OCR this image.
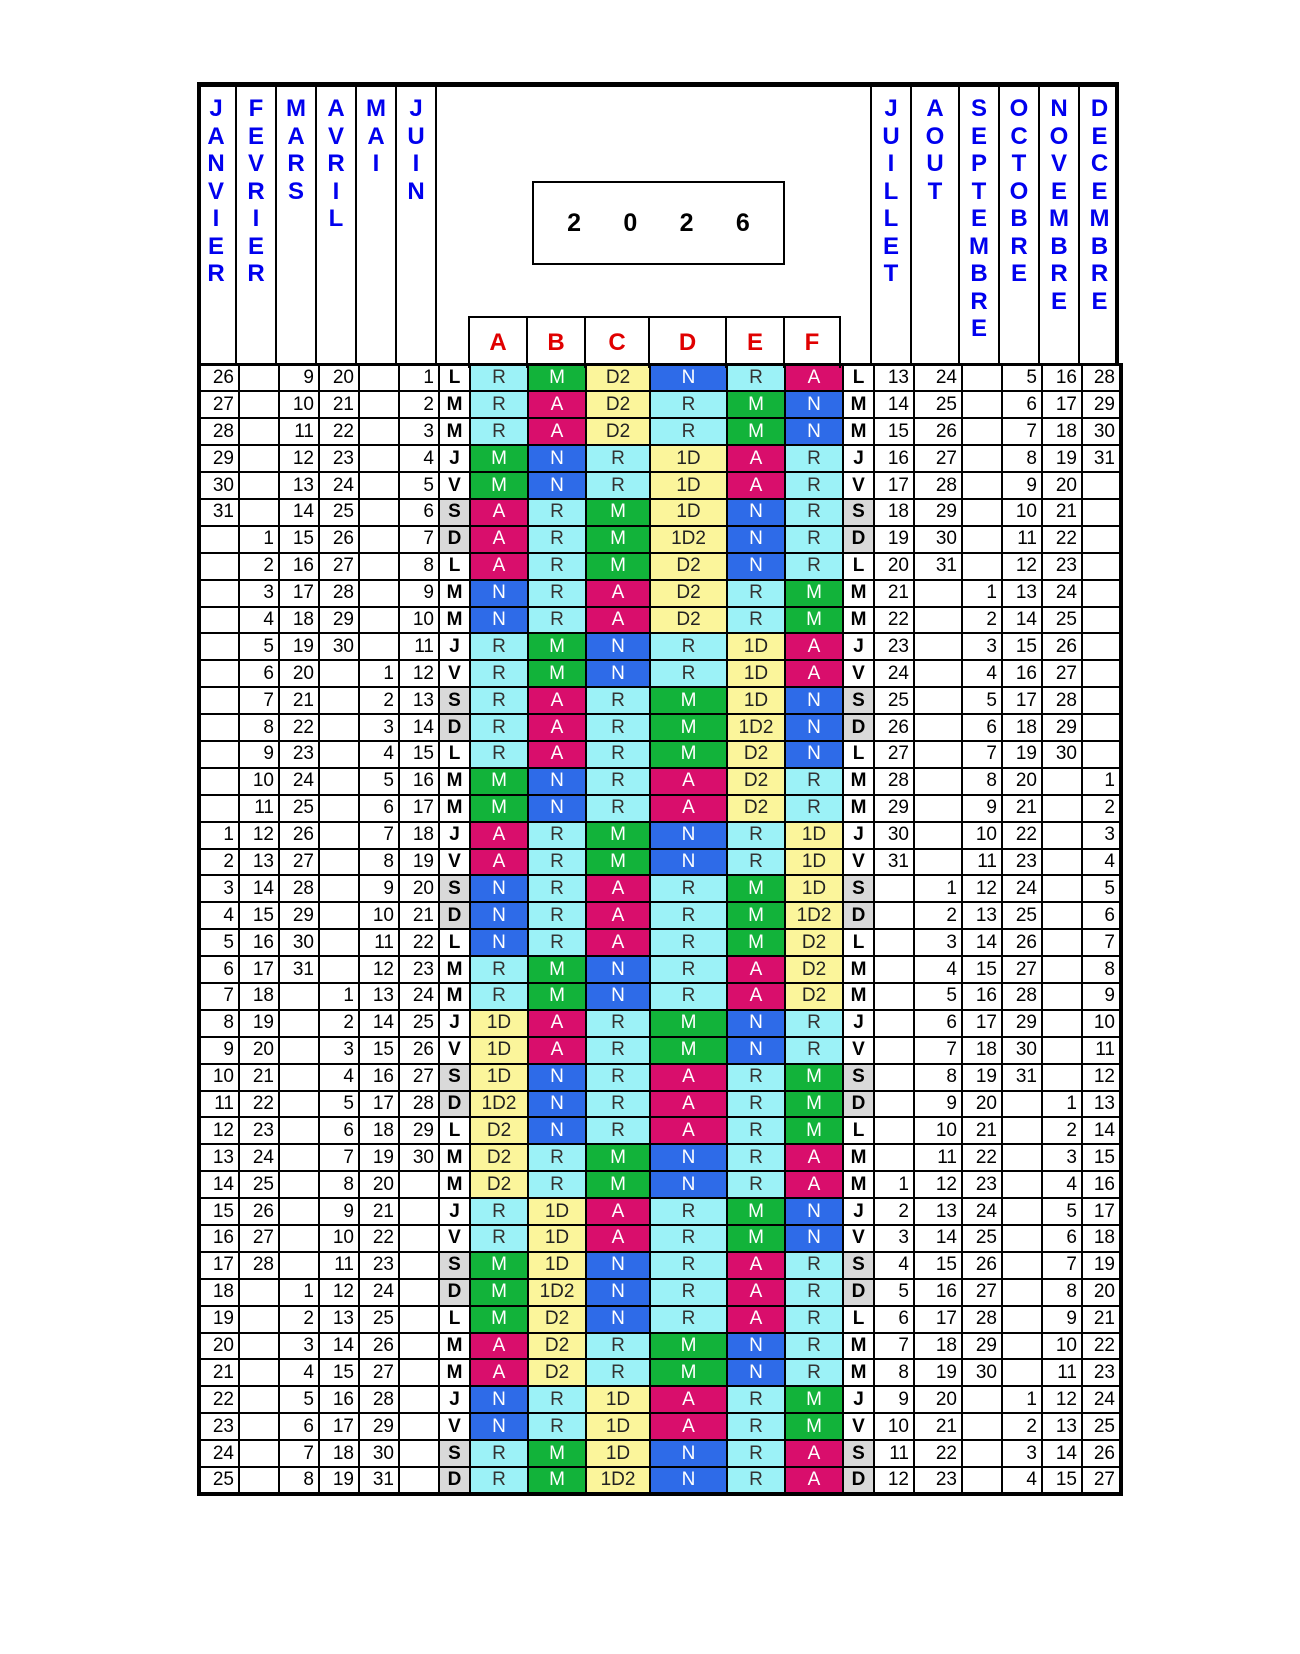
J
A
N
V
I
E
R
F
E
V
R
I
E
R
M
A
R
S
A
V
R
I
L
M
A
I
J
U
I
N
2 0 2 6
A	B	C	D	E	F
J
U
I
L
L
E
T
A
O
U
T
S
E
P
T
E
M
B
R
E
O
C
T
O
B
R
E
N
O
V
E
M
B
R
E
D
E
C
E
M
B
R
E
26		9	20		1	L	R	M	D2	N	R	A	L	13	24		5	16	28
27		10	21		2	M	R	A	D2	R	M	N	M	14	25		6	17	29
28		11	22		3	M	R	A	D2	R	M	N	M	15	26		7	18	30
29		12	23		4	J	M	N	R	1D	A	R	J	16	27		8	19	31
30		13	24		5	V	M	N	R	1D	A	R	V	17	28		9	20	
31		14	25		6	S	A	R	M	1D	N	R	S	18	29		10	21	
	1	15	26		7	D	A	R	M	1D2	N	R	D	19	30		11	22	
	2	16	27		8	L	A	R	M	D2	N	R	L	20	31		12	23	
	3	17	28		9	M	N	R	A	D2	R	M	M	21		1	13	24	
	4	18	29		10	M	N	R	A	D2	R	M	M	22		2	14	25	
	5	19	30		11	J	R	M	N	R	1D	A	J	23		3	15	26	
	6	20		1	12	V	R	M	N	R	1D	A	V	24		4	16	27	
	7	21		2	13	S	R	A	R	M	1D	N	S	25		5	17	28	
	8	22		3	14	D	R	A	R	M	1D2	N	D	26		6	18	29	
	9	23		4	15	L	R	A	R	M	D2	N	L	27		7	19	30	
	10	24		5	16	M	M	N	R	A	D2	R	M	28		8	20		1
	11	25		6	17	M	M	N	R	A	D2	R	M	29		9	21		2
1	12	26		7	18	J	A	R	M	N	R	1D	J	30		10	22		3
2	13	27		8	19	V	A	R	M	N	R	1D	V	31		11	23		4
3	14	28		9	20	S	N	R	A	R	M	1D	S		1	12	24		5
4	15	29		10	21	D	N	R	A	R	M	1D2	D		2	13	25		6
5	16	30		11	22	L	N	R	A	R	M	D2	L		3	14	26		7
6	17	31		12	23	M	R	M	N	R	A	D2	M		4	15	27		8
7	18		1	13	24	M	R	M	N	R	A	D2	M		5	16	28		9
8	19		2	14	25	J	1D	A	R	M	N	R	J		6	17	29		10
9	20		3	15	26	V	1D	A	R	M	N	R	V		7	18	30		11
10	21		4	16	27	S	1D	N	R	A	R	M	S		8	19	31		12
11	22		5	17	28	D	1D2	N	R	A	R	M	D		9	20		1	13
12	23		6	18	29	L	D2	N	R	A	R	M	L		10	21		2	14
13	24		7	19	30	M	D2	R	M	N	R	A	M		11	22		3	15
14	25		8	20		M	D2	R	M	N	R	A	M	1	12	23		4	16
15	26		9	21		J	R	1D	A	R	M	N	J	2	13	24		5	17
16	27		10	22		V	R	1D	A	R	M	N	V	3	14	25		6	18
17	28		11	23		S	M	1D	N	R	A	R	S	4	15	26		7	19
18		1	12	24		D	M	1D2	N	R	A	R	D	5	16	27		8	20
19		2	13	25		L	M	D2	N	R	A	R	L	6	17	28		9	21
20		3	14	26		M	A	D2	R	M	N	R	M	7	18	29		10	22
21		4	15	27		M	A	D2	R	M	N	R	M	8	19	30		11	23
22		5	16	28		J	N	R	1D	A	R	M	J	9	20		1	12	24
23		6	17	29		V	N	R	1D	A	R	M	V	10	21		2	13	25
24		7	18	30		S	R	M	1D	N	R	A	S	11	22		3	14	26
25		8	19	31		D	R	M	1D2	N	R	A	D	12	23		4	15	27
